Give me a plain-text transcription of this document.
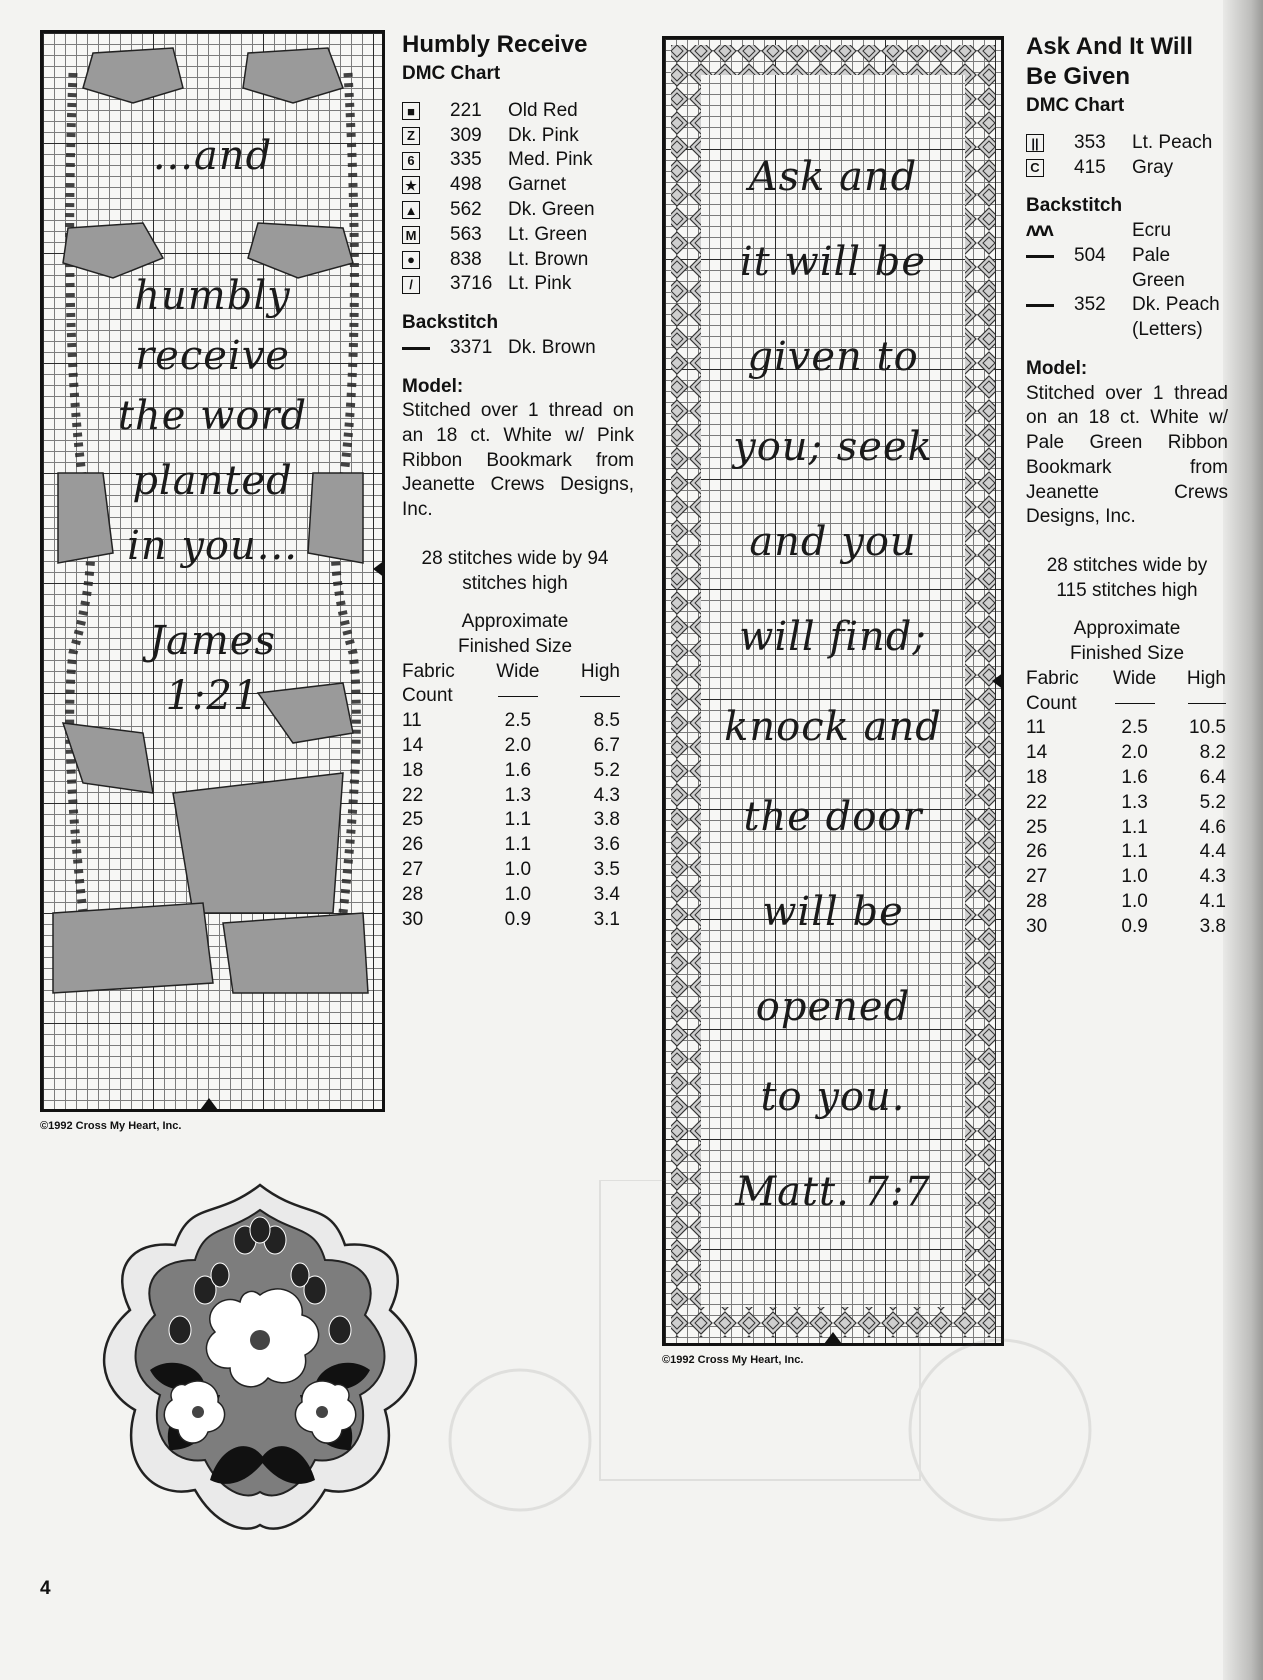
...and
humbly
receive
the word
planted
in you...
James
1:21
©1992 Cross My Heart, Inc.
Humbly Receive
DMC Chart
■ 221	Old Red
Z 309	Dk. Pink
6 335	Med. Pink
★ 498	Garnet
▲ 562	Dk. Green
M 563	Lt. Green
● 838	Lt. Brown
/	3716 Lt. Pink
Backstitch
3371 Dk. Brown
Model:
Stitched over 1 thread on an 18 ct. White w/ Pink Ribbon Bookmark from Jeanette Crews Designs, Inc.
28 stitches wide by 94 stitches high
Approximate
Finished Size
Fabric	Wide	High
Count		
11	2.5	8.5
14	2.0	6.7
18	1.6	5.2
22	1.3	4.3
25	1.1	3.8
26	1.1	3.6
27	1.0	3.5
28	1.0	3.4
30	0.9	3.1
Ask and
it will be
given to
you; seek
and you
will find;
knock and
the door
will be
opened
to you.
Matt. 7:7
©1992 Cross My Heart, Inc.
Ask And It Will
Be Given
DMC Chart
|| 353	Lt. Peach
C 415	Gray
Backstitch
ᴧᴧᴧ	Ecru
504	Pale
Green
352	Dk. Peach
(Letters)
Model:
Stitched over 1 thread on an 18 ct. White w/ Pale Green Ribbon Bookmark from Jeanette Crews Designs, Inc.
28 stitches wide by
115 stitches high
Approximate
Finished Size
Fabric	Wide	High
Count		
11	2.5	10.5
14	2.0	8.2
18	1.6	6.4
22	1.3	5.2
25	1.1	4.6
26	1.1	4.4
27	1.0	4.3
28	1.0	4.1
30	0.9	3.8
4
